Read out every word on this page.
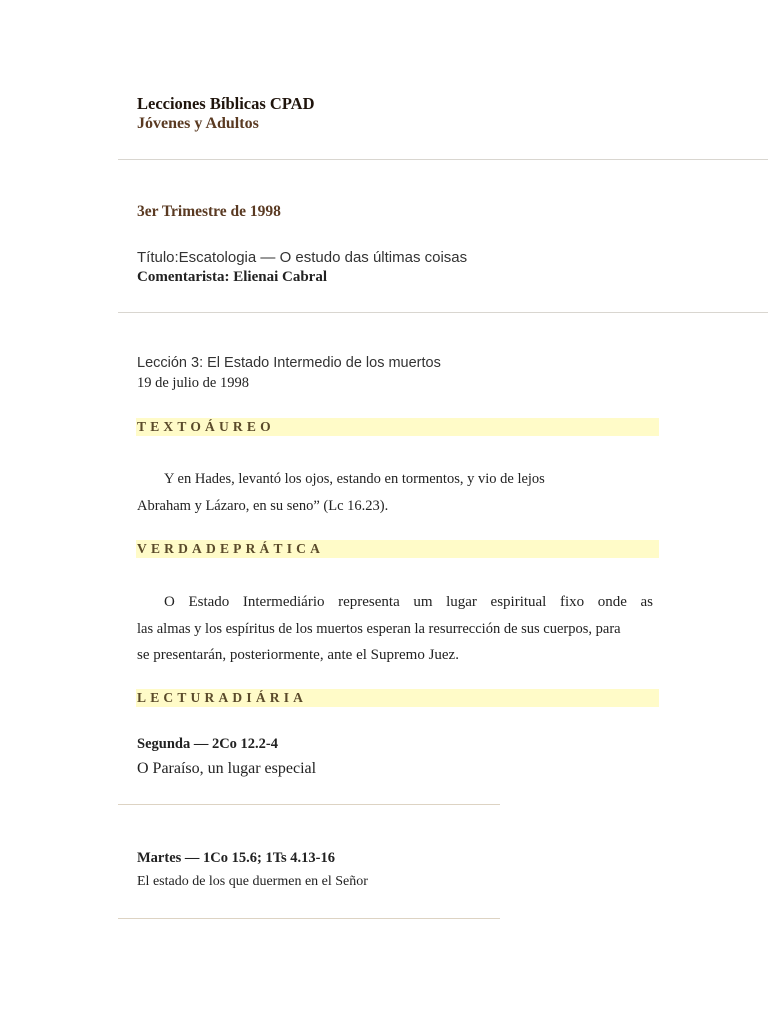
Lecciones Bíblicas CPAD
Jóvenes y Adultos
3er Trimestre de 1998
Título:Escatologia — O estudo das últimas coisas
Comentarista: Elienai Cabral
Lección 3: El Estado Intermedio de los muertos
19 de julio de 1998
TEXTOÁUREO
Y en Hades, levantó los ojos, estando en tormentos, y vio de lejos
Abraham y Lázaro, en su seno” (Lc 16.23).
VERDADEPRÁTICA

O Estado Intermediário representa um lugar espiritual fixo onde as

las almas y los espíritus de los muertos esperan la resurrección de sus cuerpos, para

se presentarán, posteriormente, ante el Supremo Juez.

LECTURADIÁRIA
Segunda — 2Co 12.2-4
O Paraíso, un lugar especial
Martes — 1Co 15.6; 1Ts 4.13-16
El estado de los que duermen en el Señor
